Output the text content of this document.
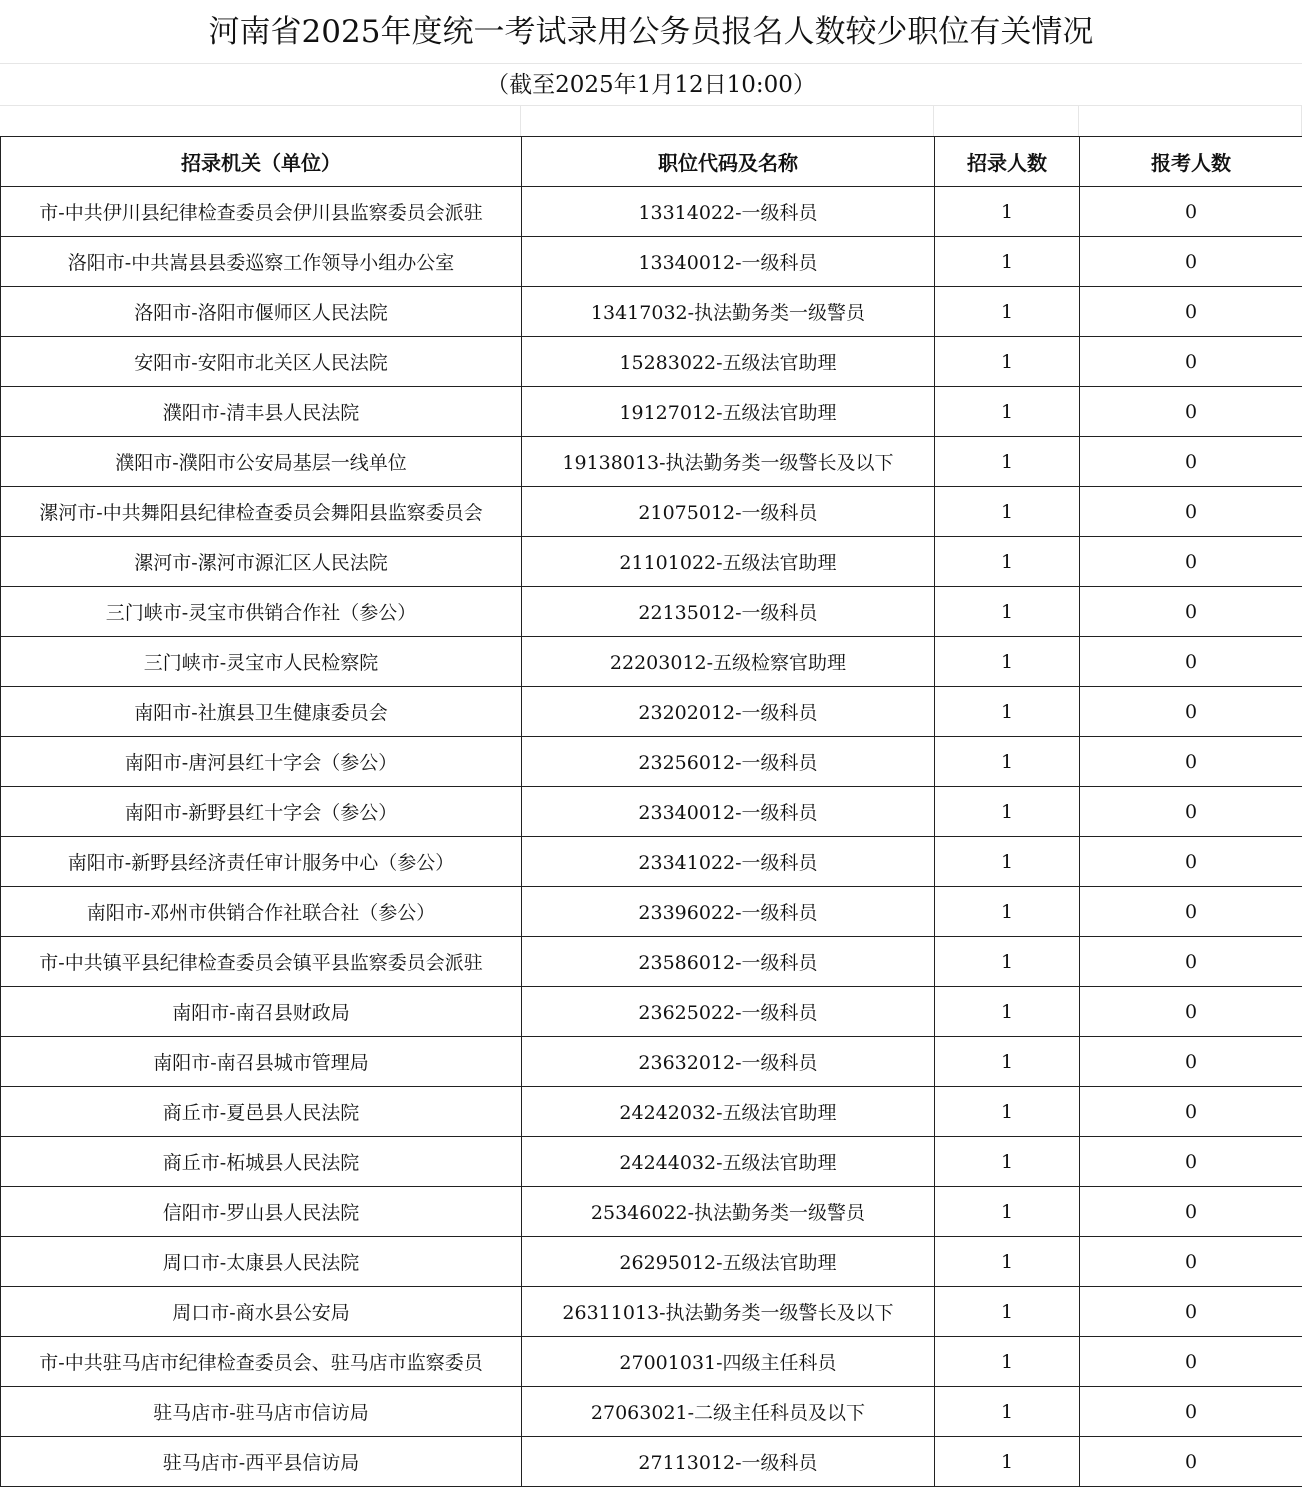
河南省2025年度统一考试录用公务员报名人数较少职位有关情况
（截至2025年1月12日10:00）
招录机关（单位）	职位代码及名称	招录人数	报考人数
市-中共伊川县纪律检查委员会伊川县监察委员会派驻	13314022-一级科员	1	0
洛阳市-中共嵩县县委巡察工作领导小组办公室	13340012-一级科员	1	0
洛阳市-洛阳市偃师区人民法院	13417032-执法勤务类一级警员	1	0
安阳市-安阳市北关区人民法院	15283022-五级法官助理	1	0
濮阳市-清丰县人民法院	19127012-五级法官助理	1	0
濮阳市-濮阳市公安局基层一线单位	19138013-执法勤务类一级警长及以下	1	0
漯河市-中共舞阳县纪律检查委员会舞阳县监察委员会	21075012-一级科员	1	0
漯河市-漯河市源汇区人民法院	21101022-五级法官助理	1	0
三门峡市-灵宝市供销合作社（参公）	22135012-一级科员	1	0
三门峡市-灵宝市人民检察院	22203012-五级检察官助理	1	0
南阳市-社旗县卫生健康委员会	23202012-一级科员	1	0
南阳市-唐河县红十字会（参公）	23256012-一级科员	1	0
南阳市-新野县红十字会（参公）	23340012-一级科员	1	0
南阳市-新野县经济责任审计服务中心（参公）	23341022-一级科员	1	0
南阳市-邓州市供销合作社联合社（参公）	23396022-一级科员	1	0
市-中共镇平县纪律检查委员会镇平县监察委员会派驻	23586012-一级科员	1	0
南阳市-南召县财政局	23625022-一级科员	1	0
南阳市-南召县城市管理局	23632012-一级科员	1	0
商丘市-夏邑县人民法院	24242032-五级法官助理	1	0
商丘市-柘城县人民法院	24244032-五级法官助理	1	0
信阳市-罗山县人民法院	25346022-执法勤务类一级警员	1	0
周口市-太康县人民法院	26295012-五级法官助理	1	0
周口市-商水县公安局	26311013-执法勤务类一级警长及以下	1	0
市-中共驻马店市纪律检查委员会、驻马店市监察委员	27001031-四级主任科员	1	0
驻马店市-驻马店市信访局	27063021-二级主任科员及以下	1	0
驻马店市-西平县信访局	27113012-一级科员	1	0
